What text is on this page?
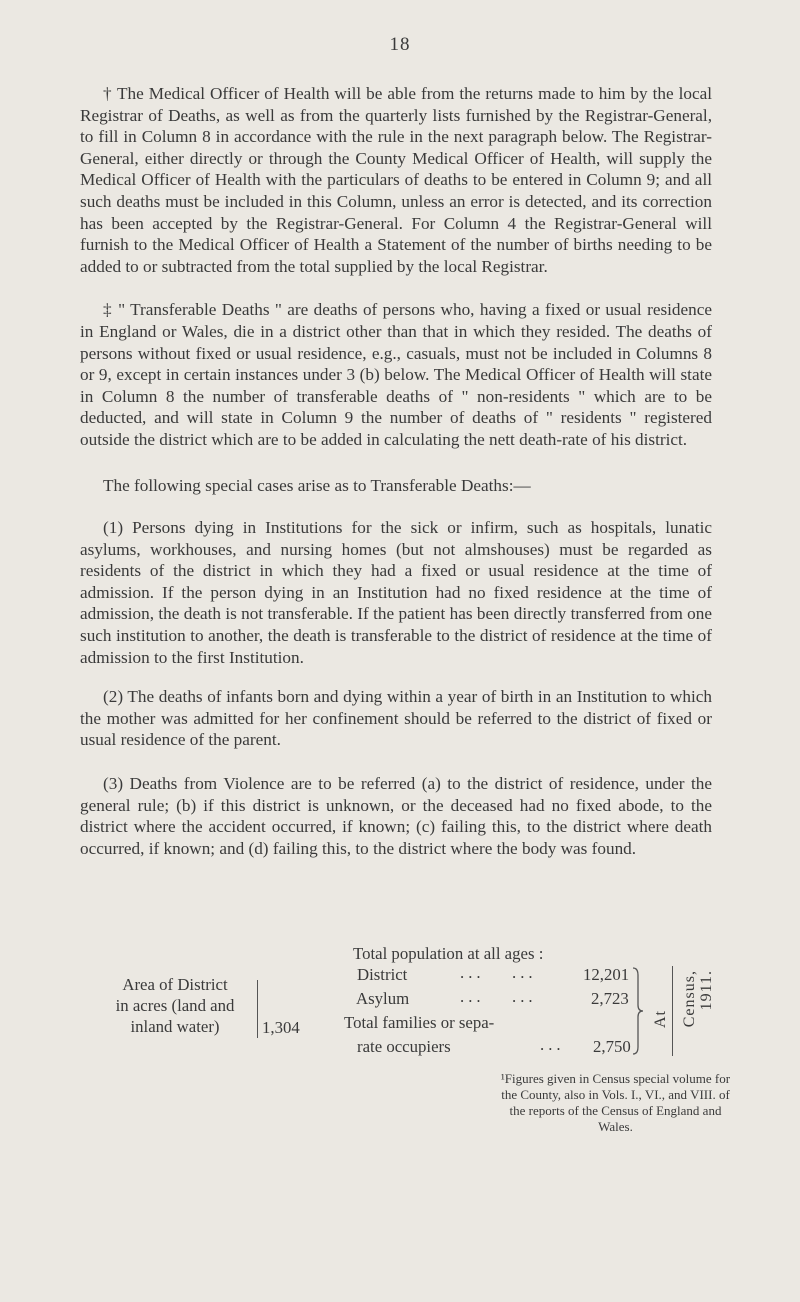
18

† The Medical Officer of Health will be able from the returns made to him by the local Registrar of Deaths, as well as from the quarterly lists furnished by the Registrar-General, to fill in Column 8 in accordance with the rule in the next paragraph below. The Registrar-General, either directly or through the County Medical Officer of Health, will supply the Medical Officer of Health with the particulars of deaths to be entered in Column 9; and all such deaths must be included in this Column, unless an error is detected, and its correction has been accepted by the Registrar-General. For Column 4 the Registrar-General will furnish to the Medical Officer of Health a Statement of the number of births needing to be added to or subtracted from the total supplied by the local Registrar.

‡ " Transferable Deaths " are deaths of persons who, having a fixed or usual residence in England or Wales, die in a district other than that in which they resided. The deaths of persons without fixed or usual residence, e.g., casuals, must not be included in Columns 8 or 9, except in certain instances under 3 (b) below. The Medical Officer of Health will state in Column 8 the number of transferable deaths of " non-residents " which are to be deducted, and will state in Column 9 the number of deaths of " residents " registered outside the district which are to be added in calculating the nett death-rate of his district.

The following special cases arise as to Transferable Deaths:—

(1) Persons dying in Institutions for the sick or infirm, such as hospitals, lunatic asylums, workhouses, and nursing homes (but not almshouses) must be regarded as residents of the district in which they had a fixed or usual residence at the time of admission. If the person dying in an Institution had no fixed residence at the time of admission, the death is not transferable. If the patient has been directly transferred from one such institution to another, the death is transferable to the district of residence at the time of admission to the first Institution.

(2) The deaths of infants born and dying within a year of birth in an Institution to which the mother was admitted for her confinement should be referred to the district of fixed or usual residence of the parent.

(3) Deaths from Violence are to be referred (a) to the district of residence, under the general rule; (b) if this district is unknown, or the deceased had no fixed abode, to the district where the accident occurred, if known; (c) failing this, to the district where death occurred, if known; and (d) failing this, to the district where the body was found.

Area of District
in acres (land and
inland water)	1,304
Total population at all ages :
District	... ...	12,201
Asylum	... ...	2,723
Total families or sepa-
rate occupiers	... 2,750
At Census, 1911.
¹Figures given in Census special volume for the County, also in Vols. I., VI., and VIII. of the reports of the Census of England and Wales.
